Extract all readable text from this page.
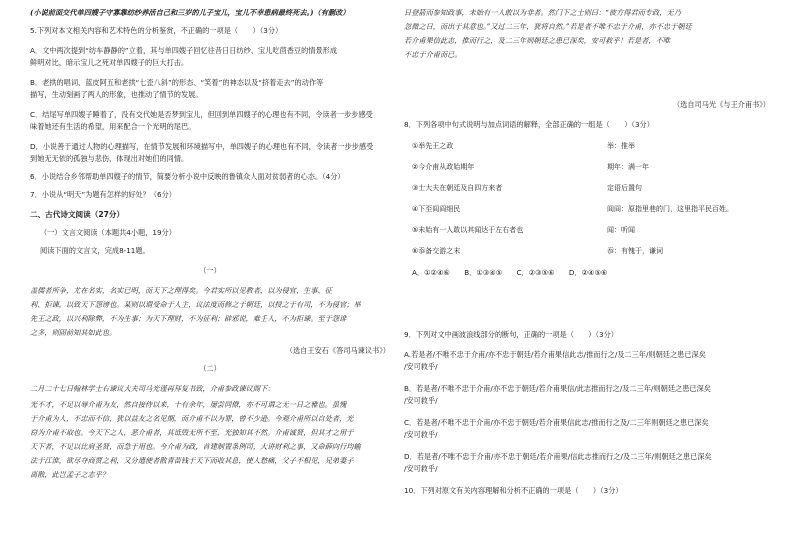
(小说前面交代单四嫂子守寡靠纺纱养活自己和三岁的儿子宝儿，宝儿不幸患病最终死去。)（有删改）
5.下列对本文相关内容和艺术特色的分析鉴赏，不正确的一项是（　　）（3分）
A．文中两次提到“纺车静静的”立着，其与单四嫂子回忆往昔日日纺纱、宝儿吃茴香豆的情景形成
鲜明对比，暗示宝儿之死对单四嫂子的巨大打击。
B．老拱的唱词、蓝皮阿五和老拱“七歪八斜”的形态、“笑着”的神态以及“挤着走去”的动作等
描写，生动刻画了两人的形象，也推动了情节的发展。
C．结尾写单四嫂子睡着了，没有交代她是否梦到宝儿，但回到单四嫂子的心理也有不同，令读者一步步感受
味着她还有生活的希望，用来配合一个光明的尾巴。
D．小说善于通过人物的心理描写，在情节发展和环境描写中，单四嫂子的心理也有不同，令读者一步步感受
到她无无依的孤独与悲伤，体现出对她们的同情。
6．小说结合乡邻帮助单四嫂子的情节，简要分析小说中反映的鲁镇众人面对贫弱者的心态。（4分）
7．小说从“明天”为题有怎样的好处？（6分）
二、古代诗文阅读（27分）
（一）文言文阅读（本题共4小题，19分）
阅读下面的文言文，完成8-11题。
（一）
盖儒者所争，尤在名实，名实已明，而天下之理得矣。今君实所以见教者，以为侵官、生事、征
利、拒谏，以致天下怨谤也。某则以谓受命于人主，议法度而修之于朝廷，以授之于有司，不为侵官；举
先王之政，以兴利除弊，不为生事；为天下理财，不为征利；辟邪说，难壬人，不为拒谏。至于怨诽
之多，则固前知其如此也。
（选自王安石《答司马谏议书》）
（二）
二月二十七日翰林学士右谏议大夫司马光谨再拜复书致，介甫参政谏议阁下：
光不才，不足以辱介甫为友，然自接侍以来，十有余年，屡尝同僚，亦不可谓之无一日之雅也。虽愧
于介甫为人，不忠而不信，犹以益友之名见期，而介甫不以为罪，曾不少逊。今观介甫所以自处者，光
窃为介甫不取也。今天下之人，恶介甫者，其诋毁无所不至，光独知其不然。介甫诚贤，但其才之用于
天下者，不足以比肩圣贤，而急于用也。今介甫为政，首建制置条例司，大讲财利之事，又命薛向行均输
法于江淮，欲尽夺商贾之利，又分遣使者散青苗钱于天下而收其息，使人愁痛，父子不相见，兄弟妻子
离散，此岂孟子之志乎？
日登箭而参知政事，未始有一人敢以为非者。然门下之士则曰：“彼方得君而专政，无乃
忽微之日，而出于其意也。”又过二三年，犹将自然。”若是者不唯不忠于介甫，亦不忠于朝廷
若介甫果信此志，推而行之，及二三年则朝廷之患已深矣，安可救乎！若是者，不唯
不忠于介甫而已。
（选自司马光《与王介甫书》）
8．下列各项中句式说明与加点词语的解释，全部正确的一组是（　　）（3分）
①举先王之政	举：推举
②今介甫从政始期年	期年：满一年
③士大夫在朝廷及自四方来者	定语后置句
④下至闾阎细民	闾阎：原指里巷的门，这里指平民百姓。
⑤未始有一人敢以其闻达于左右者也	闻：听闻
⑥忝备交游之末	忝：有愧于，谦词
A．①②④⑥　　B．①③④⑤　　C．②③⑤⑥　　D．②④⑤⑥
9．下列对文中画波浪线部分的断句，正确的一项是（　　）（3分）
A.若是者/不唯不忠于介甫/亦不忠于朝廷/若介甫果信此志/推而行之/及二三年/则朝廷之患已深矣
/安可救乎/
B．若是者/不唯不忠于介甫/亦不忠于朝廷/若介甫果信/此志推而行之/及二三年/则朝廷之患已深矣
/安可救乎/
C．若是者/不唯不忠于介甫/亦不忠于朝廷/若介甫果信此志/推而行之及/二三年则朝廷之患已深矣
/安可救乎/
D．若是者/不唯不忠于介甫/亦不忠于朝廷/若介甫果/信此志推而行之/及二三年/则朝廷之患已深矣
/安可救乎/
10．下列对原文有关内容理解和分析不正确的一项是（　　）（3分）
